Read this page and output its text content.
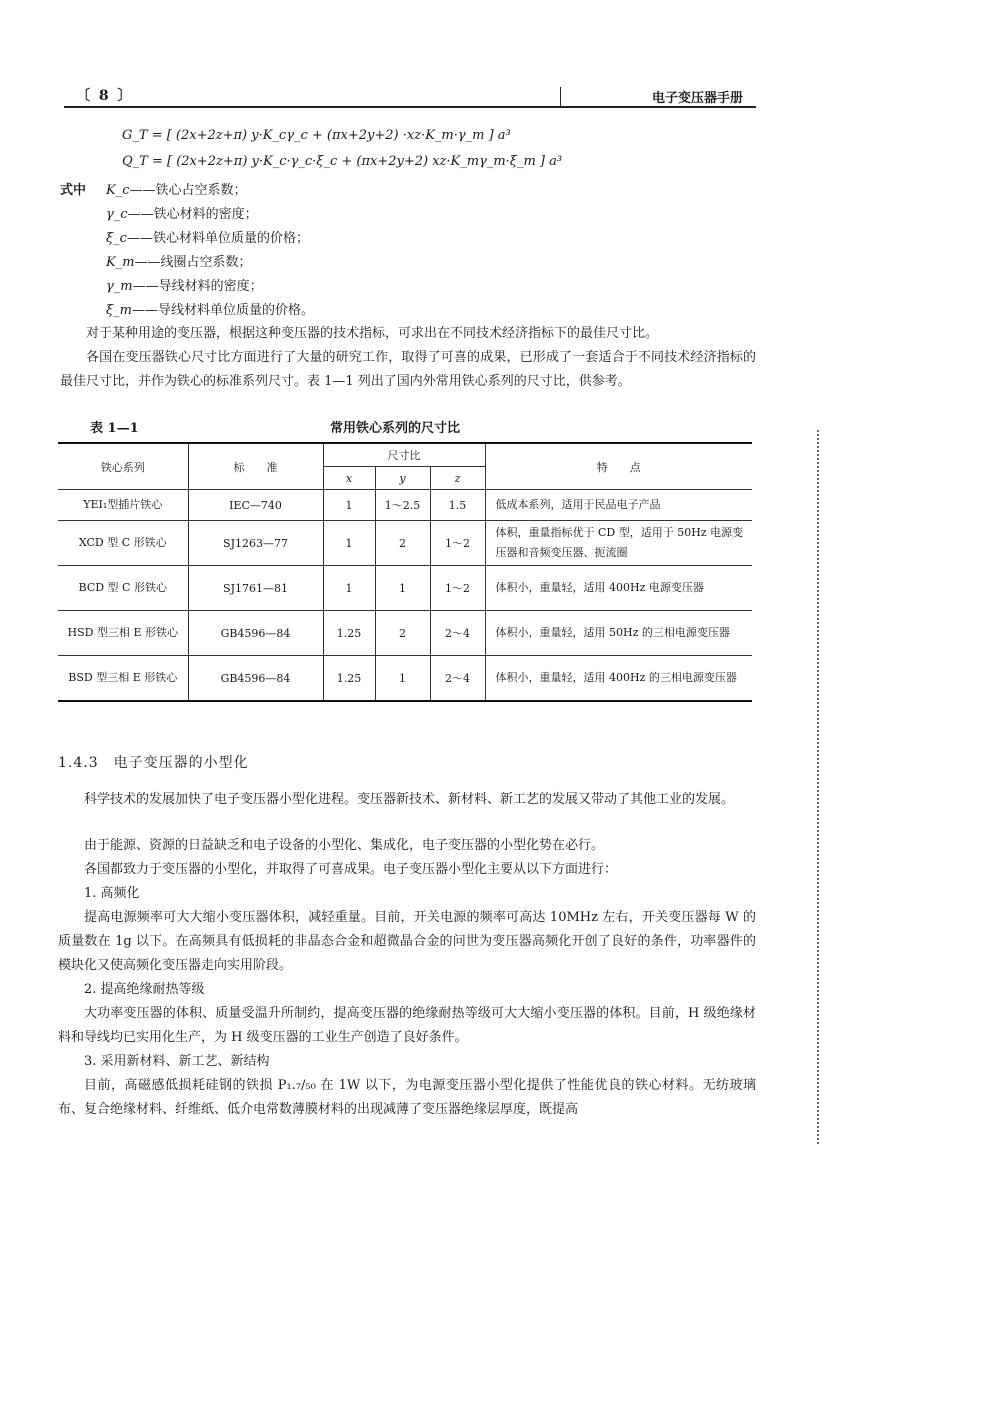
〔 8 〕	电子变压器手册
G_T = [ (2x+2z+π) y·K_cγ_c + (πx+2y+2) ·xz·K_m·γ_m ] a³
Q_T = [ (2x+2z+π) y·K_c·γ_c·ξ_c + (πx+2y+2) xz·K_mγ_m·ξ_m ] a³
式中 K_c——铁心占空系数；
γ_c——铁心材料的密度；
ξ_c——铁心材料单位质量的价格；
K_m——线圈占空系数；
γ_m——导线材料的密度；
ξ_m——导线材料单位质量的价格。
对于某种用途的变压器，根据这种变压器的技术指标，可求出在不同技术经济指标下的最佳尺寸比。
各国在变压器铁心尺寸比方面进行了大量的研究工作，取得了可喜的成果，已形成了一套适合于不同技术经济指标的最佳尺寸比，并作为铁心的标准系列尺寸。表 1—1 列出了国内外常用铁心系列的尺寸比，供参考。
表 1—1	常用铁心系列的尺寸比
铁心系列	标　　准	尺寸比			特　　点
		x	y	z	
YEI₁型插片铁心	IEC—740	1	1～2.5	1.5	低成本系列，适用于民品电子产品
XCD 型 C 形铁心	SJ1263—77	1	2	1～2	体积，重量指标优于 CD 型，适用于 50Hz 电源变压器和音频变压器、扼流圈
BCD 型 C 形铁心	SJ1761—81	1	1	1～2	体积小，重量轻，适用 400Hz 电源变压器
HSD 型三相 E 形铁心	GB4596—84	1.25	2	2～4	体积小，重量轻，适用 50Hz 的三相电源变压器
BSD 型三相 E 形铁心	GB4596—84	1.25	1	2～4	体积小，重量轻，适用 400Hz 的三相电源变压器
1.4.3　电子变压器的小型化
科学技术的发展加快了电子变压器小型化进程。变压器新技术、新材料、新工艺的发展又带动了其他工业的发展。
由于能源、资源的日益缺乏和电子设备的小型化、集成化，电子变压器的小型化势在必行。
各国都致力于变压器的小型化，并取得了可喜成果。电子变压器小型化主要从以下方面进行：
1. 高频化
提高电源频率可大大缩小变压器体积，减轻重量。目前，开关电源的频率可高达 10MHz 左右，开关变压器每 W 的质量数在 1g 以下。在高频具有低损耗的非晶态合金和超微晶合金的问世为变压器高频化开创了良好的条件，功率器件的模块化又使高频化变压器走向实用阶段。
2. 提高绝缘耐热等级
大功率变压器的体积、质量受温升所制约，提高变压器的绝缘耐热等级可大大缩小变压器的体积。目前，H 级绝缘材料和导线均已实用化生产，为 H 级变压器的工业生产创造了良好条件。
3. 采用新材料、新工艺、新结构
目前，高磁感低损耗硅钢的铁损 P₁.₇/₅₀ 在 1W 以下，为电源变压器小型化提供了性能优良的铁心材料。无纺玻璃布、复合绝缘材料、纤维纸、低介电常数薄膜材料的出现减薄了变压器绝缘层厚度，既提高
